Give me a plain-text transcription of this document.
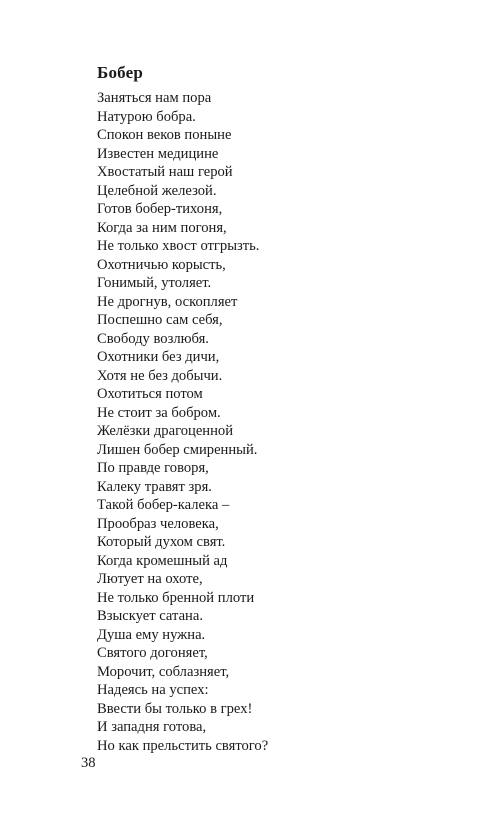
Бобер
Заняться нам пора
Натурою бобра.
Спокон веков поныне
Известен медицине
Хвостатый наш герой
Целебной железой.
Готов бобер-тихоня,
Когда за ним погоня,
Не только хвост отгрызть.
Охотничью корысть,
Гонимый, утоляет.
Не дрогнув, оскопляет
Поспешно сам себя,
Свободу возлюбя.
Охотники без дичи,
Хотя не без добычи.
Охотиться потом
Не стоит за бобром.
Желёзки драгоценной
Лишен бобер смиренный.
По правде говоря,
Калеку травят зря.
Такой бобер-калека –
Прообраз человека,
Который духом свят.
Когда кромешный ад
Лютует на охоте,
Не только бренной плоти
Взыскует сатана.
Душа ему нужна.
Святого догоняет,
Морочит, соблазняет,
Надеясь на успех:
Ввести бы только в грех!
И западня готова,
Но как прельстить святого?
38
